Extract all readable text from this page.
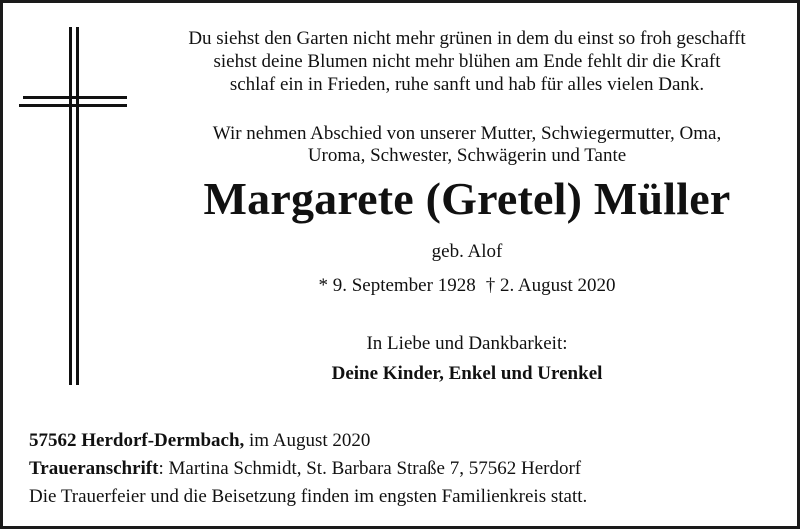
Du siehst den Garten nicht mehr grünen in dem du einst so froh geschafft
siehst deine Blumen nicht mehr blühen am Ende fehlt dir die Kraft
schlaf ein in Frieden, ruhe sanft und hab für alles vielen Dank.
Wir nehmen Abschied von unserer Mutter, Schwiegermutter, Oma,
Uroma, Schwester, Schwägerin und Tante
Margarete (Gretel) Müller
geb. Alof
* 9. September 1928 † 2. August 2020
In Liebe und Dankbarkeit:
Deine Kinder, Enkel und Urenkel
57562 Herdorf-Dermbach, im August 2020
Traueranschrift: Martina Schmidt, St. Barbara Straße 7, 57562 Herdorf
Die Trauerfeier und die Beisetzung finden im engsten Familienkreis statt.
